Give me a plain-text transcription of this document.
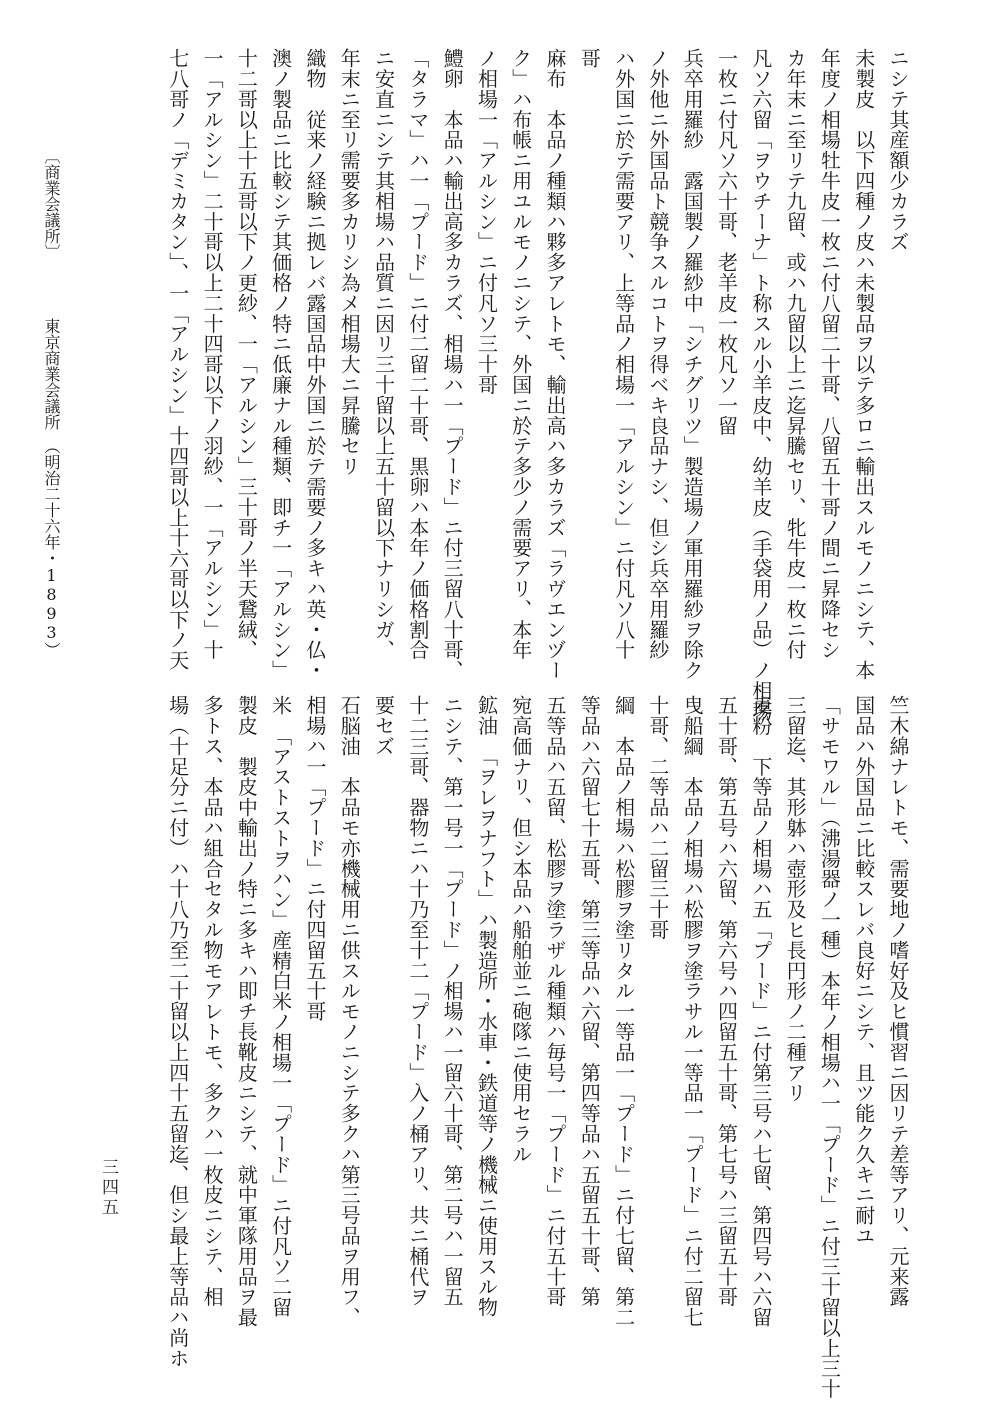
ニシテ其産額少カラズ
未製皮　以下四種ノ皮ハ未製品ヲ以テ多ロニ輸出スルモノニシテ、本
年度ノ相場牡牛皮一枚ニ付八留二十哥、八留五十哥ノ間ニ昇降セシ
カ年末ニ至リテ九留、或ハ九留以上ニ迄昇騰セリ、牝牛皮一枚ニ付
凡ソ六留「ヲウチーナ」ト称スル小羊皮中、幼羊皮（手袋用ノ品）ノ相場
一枚ニ付凡ソ六十哥、老羊皮一枚凡ソ一留
兵卒用羅紗　露国製ノ羅紗中「シチグリツ」製造場ノ軍用羅紗ヲ除ク
ノ外他ニ外国品ト競争スルコトヲ得ベキ良品ナシ、但シ兵卒用羅紗
ハ外国ニ於テ需要アリ、上等品ノ相場一「アルシン」ニ付凡ソ八十
哥
麻布　本品ノ種類ハ夥多アレトモ、輸出高ハ多カラズ「ラヴエンヅー
ク」ハ布帳ニ用ユルモノニシテ、外国ニ於テ多少ノ需要アリ、本年
ノ相場一「アルシン」ニ付凡ソ三十哥
鱧卵　本品ハ輸出高多カラズ、相場ハ一「プード」ニ付三留八十哥、
「タラマ」ハ一「プード」ニ付二留二十哥、黒卵ハ本年ノ価格割合
ニ安直ニシテ其相場ハ品質ニ因リ三十留以上五十留以下ナリシガ、
年末ニ至リ需要多カリシ為メ相場大ニ昇騰セリ
織物　従来ノ経験ニ拠レバ露国品中外国ニ於テ需要ノ多キハ英・仏・
澳ノ製品ニ比較シテ其価格ノ特ニ低廉ナル種類、即チ一「アルシン」
十二哥以上十五哥以下ノ更紗、一「アルシン」三十哥ノ半天鵞絨、
一「アルシン」二十哥以上二十四哥以下ノ羽紗、一「アルシン」十
七八哥ノ「デミカタン」、一「アルシン」十四哥以上十六哥以下ノ天
竺木綿ナレトモ、需要地ノ嗜好及ヒ慣習ニ因リテ差等アリ、元来露
国品ハ外国品ニ比較スレバ良好ニシテ、且ツ能ク久キニ耐ユ
「サモワル」（沸湯器ノ一種）本年ノ相場ハ一「プード」ニ付三十留以上三十
三留迄、其形躰ハ壺形及ヒ長円形ノ二種アリ
麦粉　下等品ノ相場ハ五「プード」ニ付第三号ハ七留、第四号ハ六留
五十哥、第五号ハ六留、第六号ハ四留五十哥、第七号ハ三留五十哥
曳船綱　本品ノ相場ハ松膠ヲ塗ラサル一等品一「プード」ニ付二留七
十哥、二等品ハ二留三十哥
綱　本品ノ相場ハ松膠ヲ塗リタル一等品一「プード」ニ付七留、第二
等品ハ六留七十五哥、第三等品ハ六留、第四等品ハ五留五十哥、第
五等品ハ五留、松膠ヲ塗ラザル種類ハ毎号一「プード」ニ付五十哥
宛高価ナリ、但シ本品ハ船舶並ニ砲隊ニ使用セラル
鉱油　「ヲレヲナフト」ハ製造所・水車・鉄道等ノ機械ニ使用スル物
ニシテ、第一号一「プード」ノ相場ハ一留六十哥、第二号ハ一留五
十二三哥、器物ニハ十乃至十二「プード」入ノ桶アリ、共ニ桶代ヲ
要セズ
石脳油　本品モ亦機械用ニ供スルモノニシテ多クハ第三号品ヲ用フ、
相場ハ一「プード」ニ付四留五十哥
米　「アストストヲハン」産精白米ノ相場一「プード」ニ付凡ソ二留
製皮　製皮中輸出ノ特ニ多キハ即チ長靴皮ニシテ、就中軍隊用品ヲ最
多トス、本品ハ組合セタル物モアレトモ、多クハ一枚皮ニシテ、相
場（十足分ニ付）ハ十八乃至二十留以上四十五留迄、但シ最上等品ハ尚ホ
〔商業会議所〕
東京商業会議所　（明治二十六年・1893）
三四五
